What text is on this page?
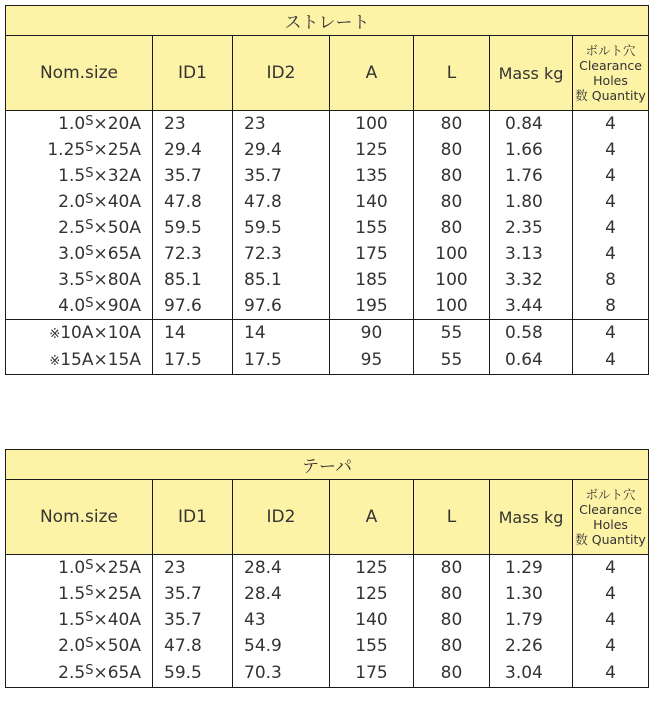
ストレート						
Nom.size	ID1	ID2	A	L	Mass kg	ボルト穴
Clearance
Holes
数 Quantity

$1.0^S\times 20A$	23	23	100	80	0.84	4
$1.25^S\times 25A$	29.4	29.4	125	80	1.66	4
$1.5^S\times 32A$	35.7	35.7	135	80	1.76	4
$2.0^S\times 40A$	47.8	47.8	140	80	1.80	4
$2.5^S\times 50A$	59.5	59.5	155	80	2.35	4
$3.0^S\times 65A$	72.3	72.3	175	100	3.13	4
$3.5^S\times 80A$	85.1	85.1	185	100	3.32	8
$4.0^S\times 90A$	97.6	97.6	195	100	3.44	8
※10A×10A	14	14	90	55	0.58	4
※15A×15A	17.5	17.5	95	55	0.64	4
テーパ						
Nom.size	ID1	ID2	A	L	Mass kg	ボルト穴
Clearance
Holes
数 Quantity

$1.0^S\times 25A$	23	28.4	125	80	1.29	4
$1.5^S\times 25A$	35.7	28.4	125	80	1.30	4
$1.5^S\times 40A$	35.7	43	140	80	1.79	4
$2.0^S\times 50A$	47.8	54.9	155	80	2.26	4
$2.5^S\times 65A$	59.5	70.3	175	80	3.04	4
